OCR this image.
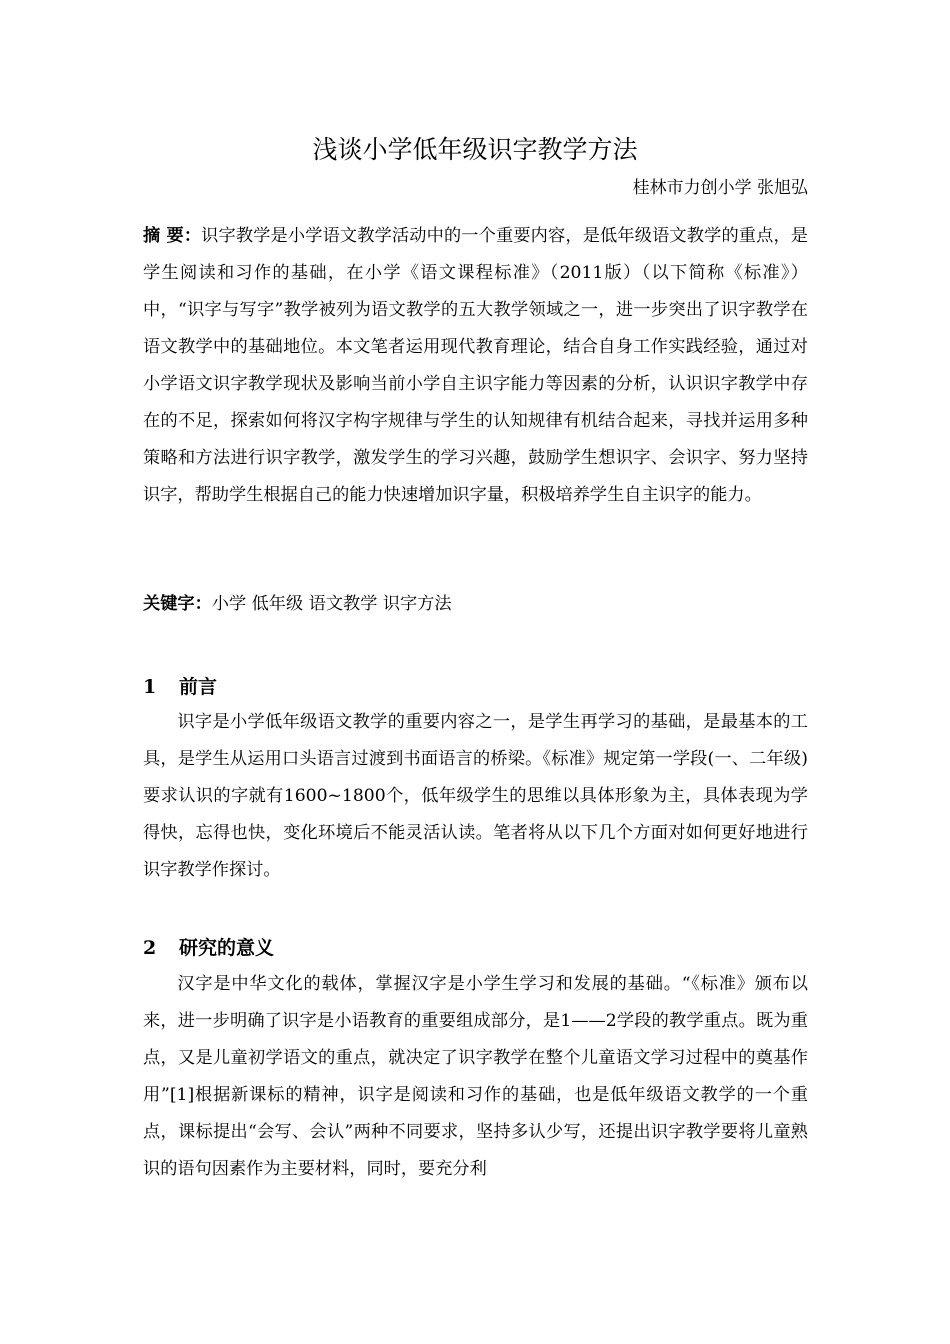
浅谈小学低年级识字教学方法
桂林市力创小学 张旭弘
摘 要：识字教学是小学语文教学活动中的一个重要内容，是低年级语文教学的重点，是学生阅读和习作的基础，在小学《语文课程标准》（2011版）（以下简称《标准》）中，“识字与写字”教学被列为语文教学的五大教学领域之一，进一步突出了识字教学在语文教学中的基础地位。本文笔者运用现代教育理论，结合自身工作实践经验，通过对小学语文识字教学现状及影响当前小学自主识字能力等因素的分析，认识识字教学中存在的不足，探索如何将汉字构字规律与学生的认知规律有机结合起来，寻找并运用多种策略和方法进行识字教学，激发学生的学习兴趣，鼓励学生想识字、会识字、努力坚持识字，帮助学生根据自己的能力快速增加识字量，积极培养学生自主识字的能力。
关键字：小学 低年级 语文教学 识字方法
1 前言
识字是小学低年级语文教学的重要内容之一，是学生再学习的基础，是最基本的工具，是学生从运用口头语言过渡到书面语言的桥梁。《标准》规定第一学段(一、二年级)要求认识的字就有1600~1800个，低年级学生的思维以具体形象为主，具体表现为学得快，忘得也快，变化环境后不能灵活认读。笔者将从以下几个方面对如何更好地进行识字教学作探讨。
2 研究的意义
汉字是中华文化的载体，掌握汉字是小学生学习和发展的基础。“《标准》颁布以来，进一步明确了识字是小语教育的重要组成部分，是1——2学段的教学重点。既为重点，又是儿童初学语文的重点，就决定了识字教学在整个儿童语文学习过程中的奠基作用”[1]根据新课标的精神，识字是阅读和习作的基础，也是低年级语文教学的一个重点，课标提出“会写、会认”两种不同要求，坚持多认少写，还提出识字教学要将儿童熟识的语句因素作为主要材料，同时，要充分利
